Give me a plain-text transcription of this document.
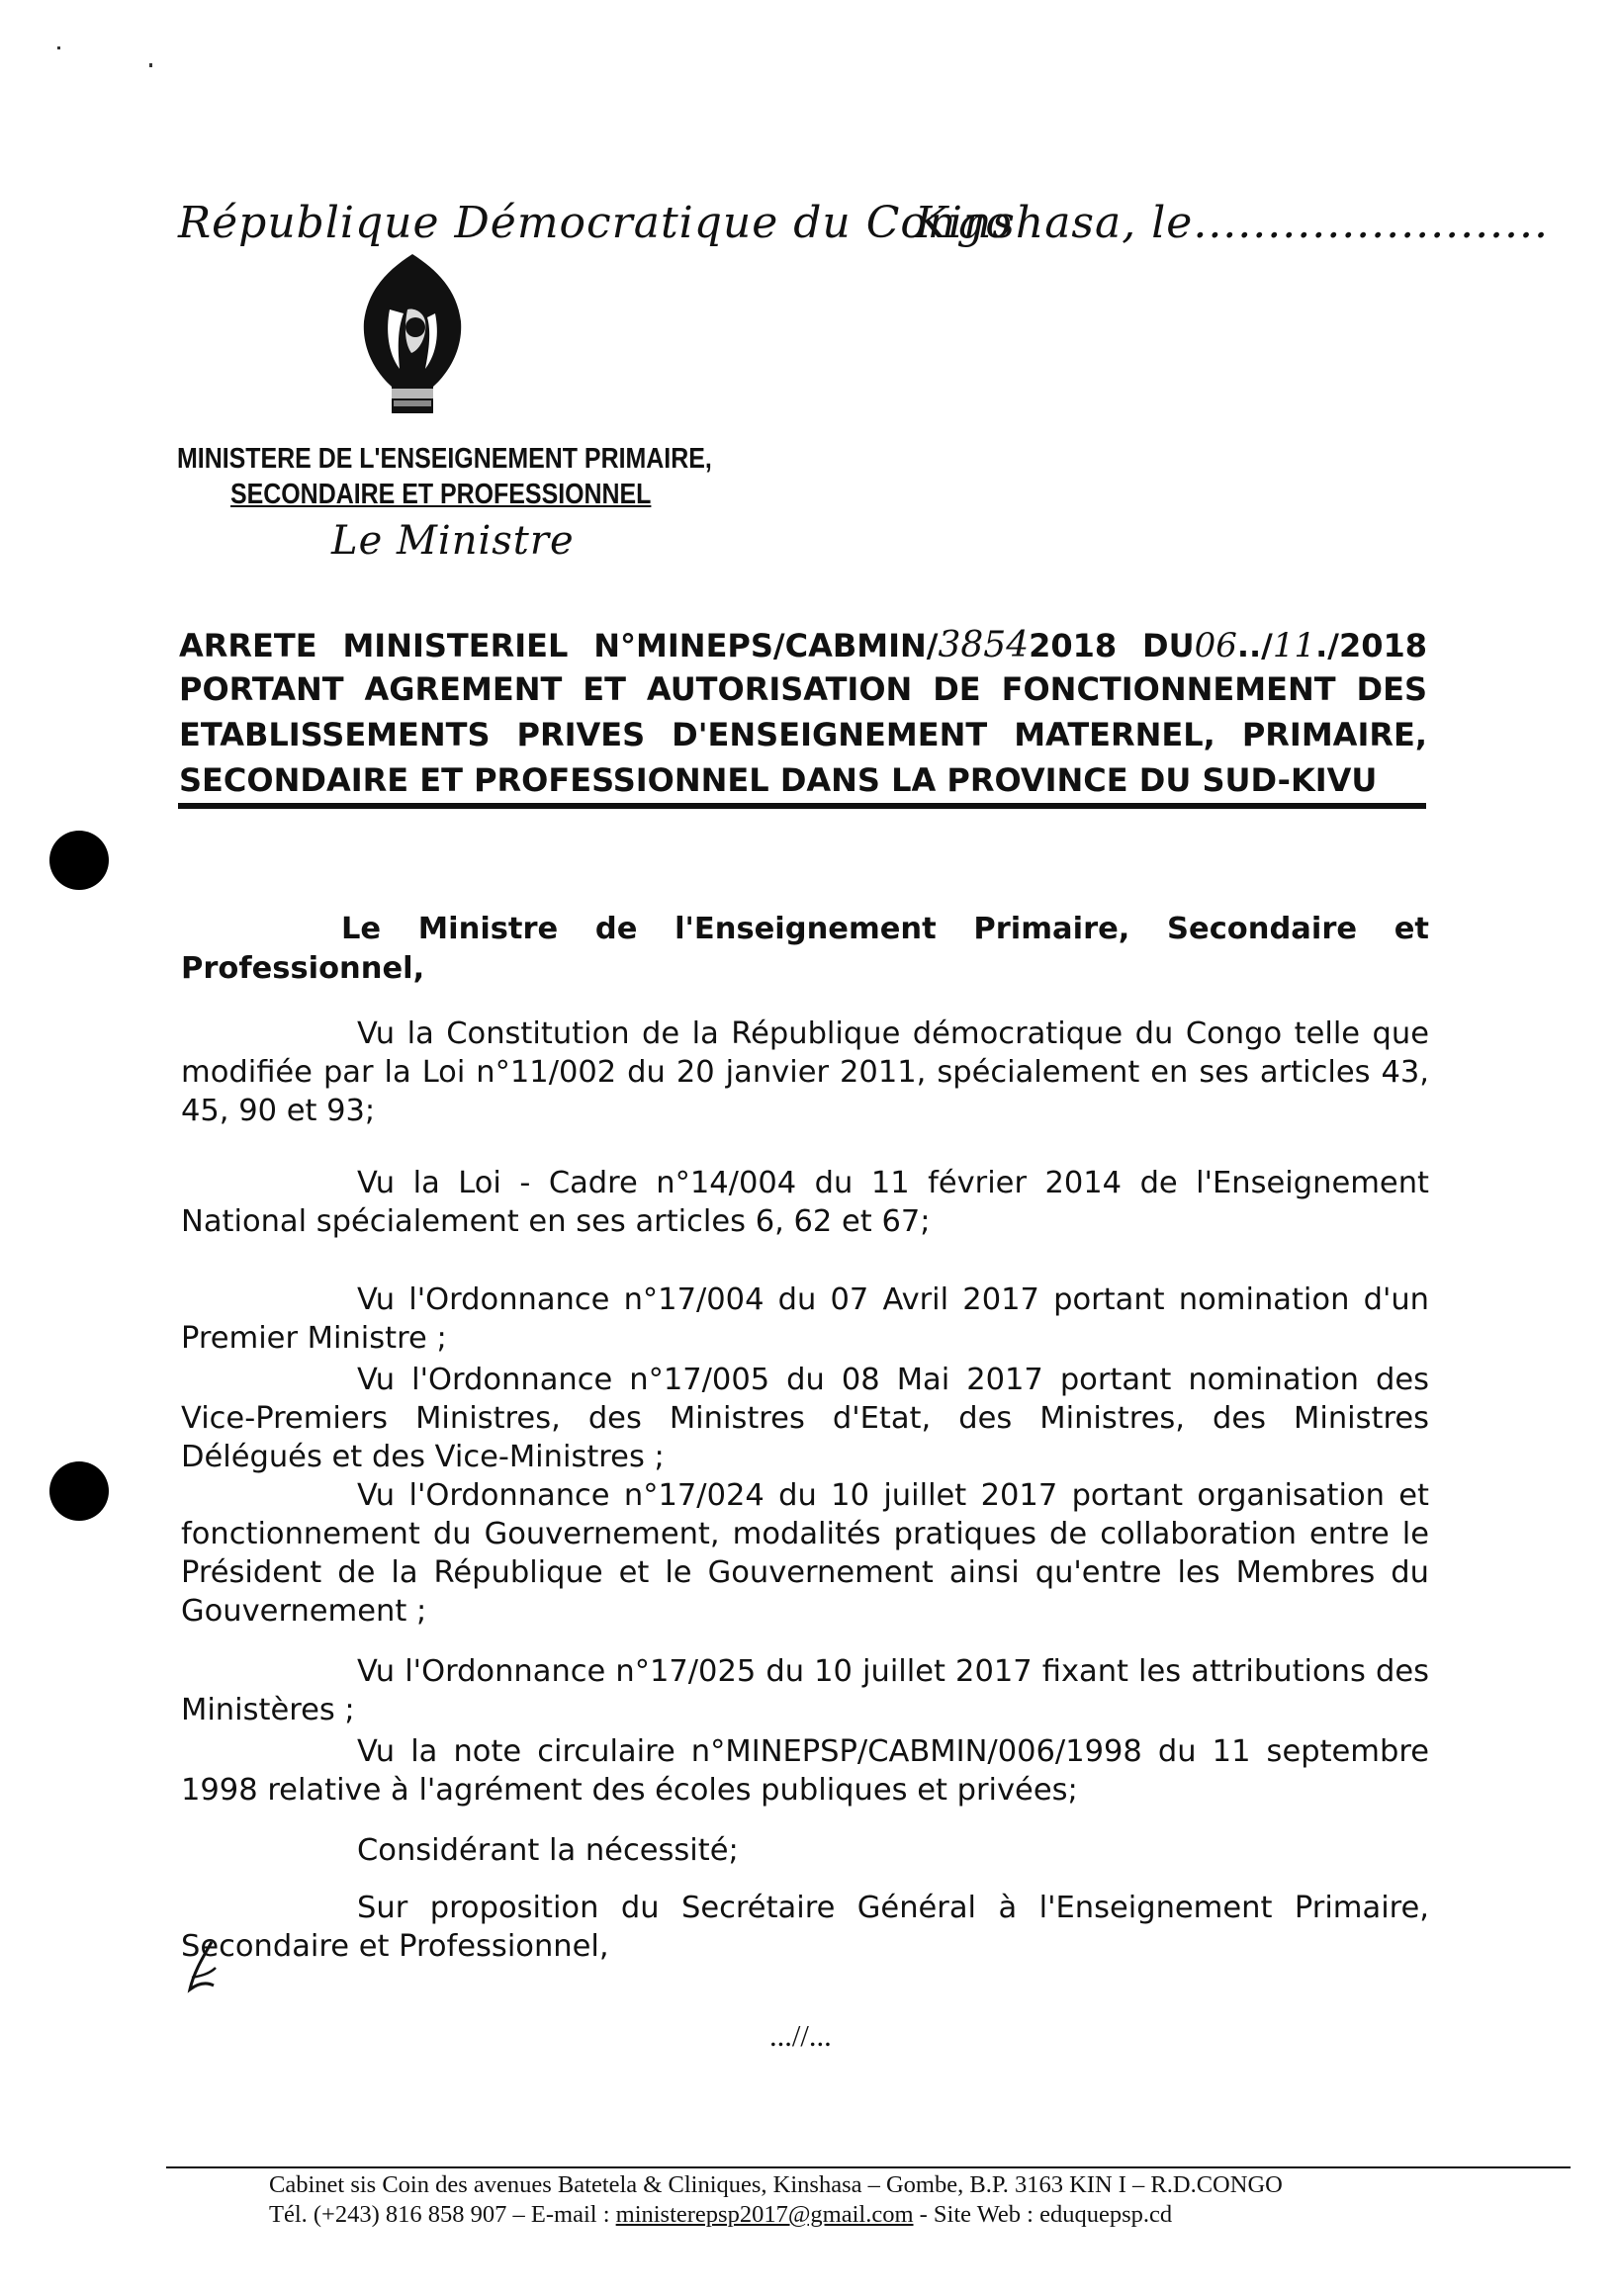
République Démocratique du Congo
Kinshasa, le........................
MINISTERE DE L'ENSEIGNEMENT PRIMAIRE,
SECONDAIRE ET PROFESSIONNEL
Le Ministre
ARRETE MINISTERIEL N°MINEPS/CABMIN/38542018 DU06../11./2018
PORTANT AGREMENT ET AUTORISATION DE FONCTIONNEMENT DES
ETABLISSEMENTS PRIVES D'ENSEIGNEMENT MATERNEL, PRIMAIRE,
SECONDAIRE ET PROFESSIONNEL DANS LA PROVINCE DU SUD-KIVU
Le Ministre de l'Enseignement Primaire, Secondaire et
Professionnel,
Vu la Constitution de la République démocratique du Congo telle que modifiée par la Loi n°11/002 du 20 janvier 2011, spécialement en ses articles 43, 45, 90 et 93;
Vu la Loi - Cadre n°14/004 du 11 février 2014 de l'Enseignement National spécialement en ses articles 6, 62 et 67;
Vu l'Ordonnance n°17/004 du 07 Avril 2017 portant nomination d'un Premier Ministre ;
Vu l'Ordonnance n°17/005 du 08 Mai 2017 portant nomination des Vice-Premiers Ministres, des Ministres d'Etat, des Ministres, des Ministres Délégués et des Vice-Ministres ;
Vu l'Ordonnance n°17/024 du 10 juillet 2017 portant organisation et fonctionnement du Gouvernement, modalités pratiques de collaboration entre le Président de la République et le Gouvernement ainsi qu'entre les Membres du Gouvernement ;
Vu l'Ordonnance n°17/025 du 10 juillet 2017 fixant les attributions des Ministères ;
Vu la note circulaire n°MINEPSP/CABMIN/006/1998 du 11 septembre 1998 relative à l'agrément des écoles publiques et privées;
Considérant la nécessité;
Sur proposition du Secrétaire Général à l'Enseignement Primaire, Secondaire et Professionnel,
...//...
Cabinet sis Coin des avenues Batetela & Cliniques, Kinshasa – Gombe, B.P. 3163 KIN I – R.D.CONGO
Tél. (+243) 816 858 907 – E-mail : ministerepsp2017@gmail.com - Site Web : eduquepsp.cd
